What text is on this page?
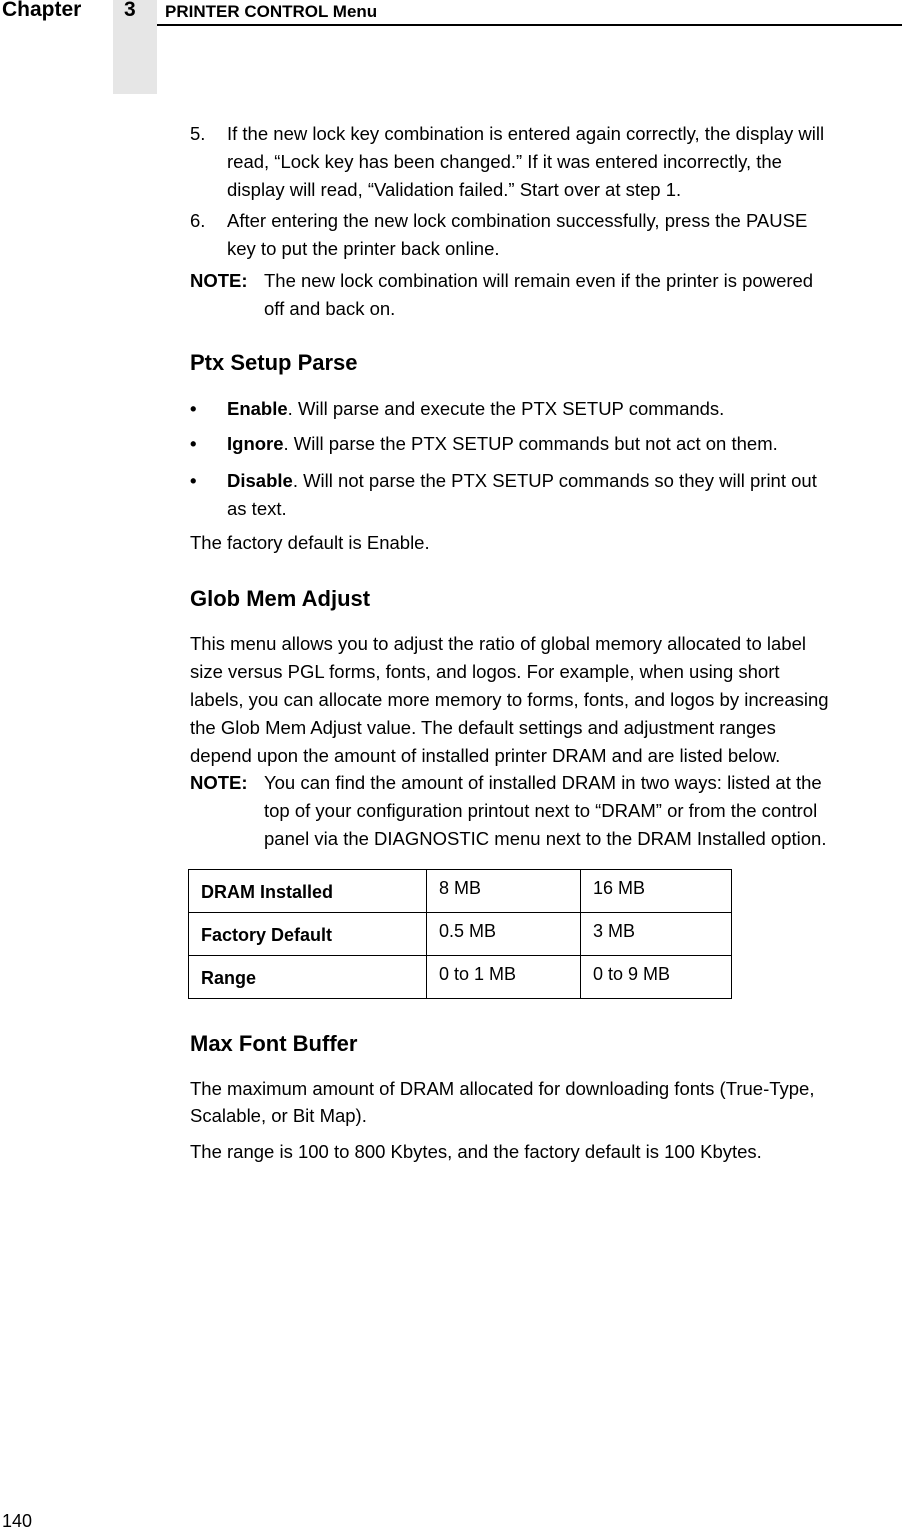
Chapter 3 PRINTER CONTROL Menu
5. If the new lock key combination is entered again correctly, the display will
read, “Lock key has been changed.” If it was entered incorrectly, the
display will read, “Validation failed.” Start over at step 1.
6. After entering the new lock combination successfully, press the PAUSE
key to put the printer back online.
NOTE: The new lock combination will remain even if the printer is powered
off and back on.
Ptx Setup Parse
• Enable. Will parse and execute the PTX SETUP commands.
• Ignore. Will parse the PTX SETUP commands but not act on them.
• Disable. Will not parse the PTX SETUP commands so they will print out
as text.
The factory default is Enable.
Glob Mem Adjust
This menu allows you to adjust the ratio of global memory allocated to label
size versus PGL forms, fonts, and logos. For example, when using short
labels, you can allocate more memory to forms, fonts, and logos by increasing
the Glob Mem Adjust value. The default settings and adjustment ranges
depend upon the amount of installed printer DRAM and are listed below.
NOTE: You can find the amount of installed DRAM in two ways: listed at the
top of your configuration printout next to “DRAM” or from the control
panel via the DIAGNOSTIC menu next to the DRAM Installed option.
DRAM Installed	8 MB	16 MB
Factory Default	0.5 MB	3 MB
Range	0 to 1 MB	0 to 9 MB
Max Font Buffer
The maximum amount of DRAM allocated for downloading fonts (True-Type,
Scalable, or Bit Map).
The range is 100 to 800 Kbytes, and the factory default is 100 Kbytes.
140
